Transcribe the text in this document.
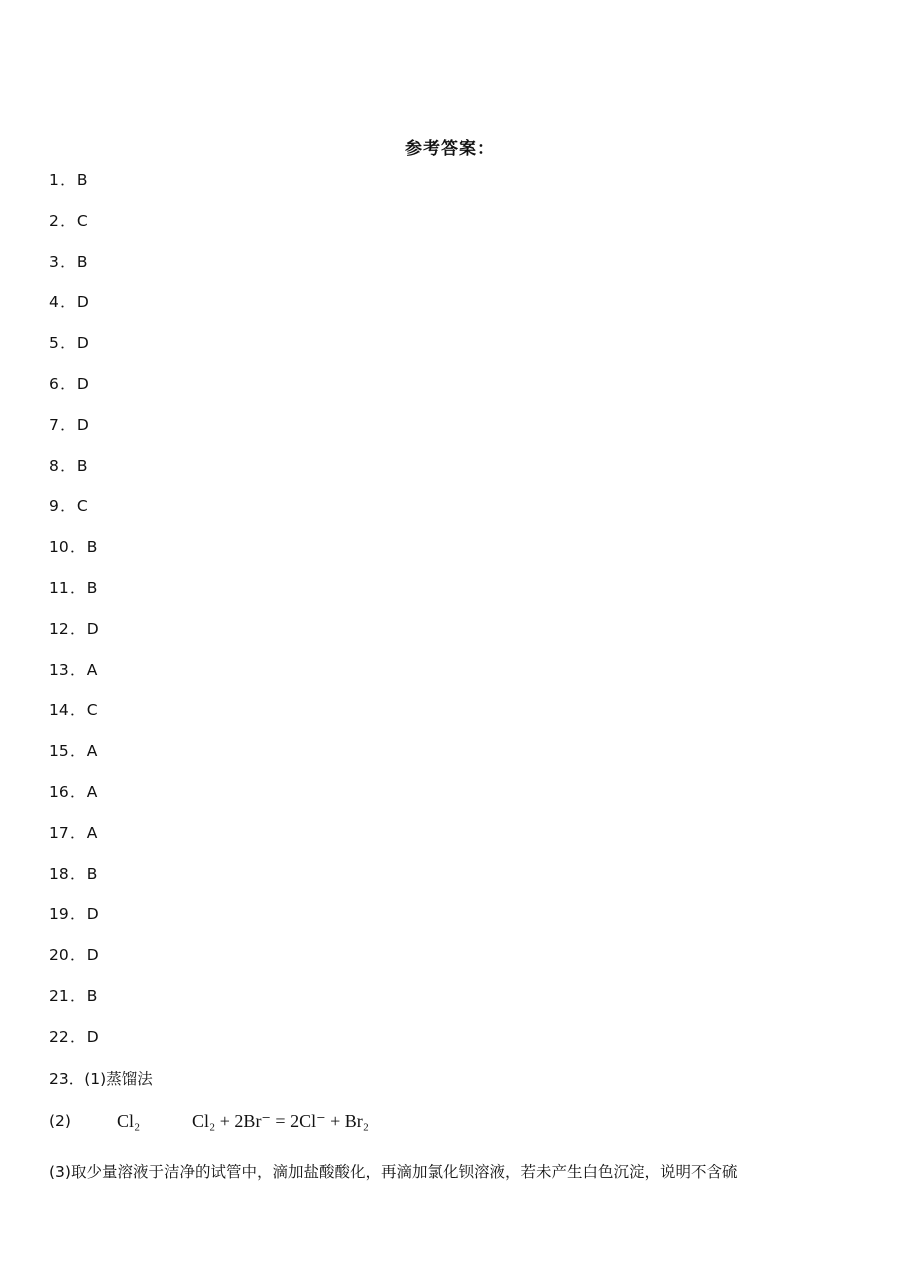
参考答案：
1．B
2．C
3．B
4．D
5．D
6．D
7．D
8．B
9．C
10．B
11．B
12．D
13．A
14．C
15．A
16．A
17．A
18．B
19．D
20．D
21．B
22．D
23．(1)蒸馏法
(2)	Cl₂	Cl₂ + 2Br⁻ = 2Cl⁻ + Br₂
(3)取少量溶液于洁净的试管中，滴加盐酸酸化，再滴加氯化钡溶液，若未产生白色沉淀，说明不含硫
